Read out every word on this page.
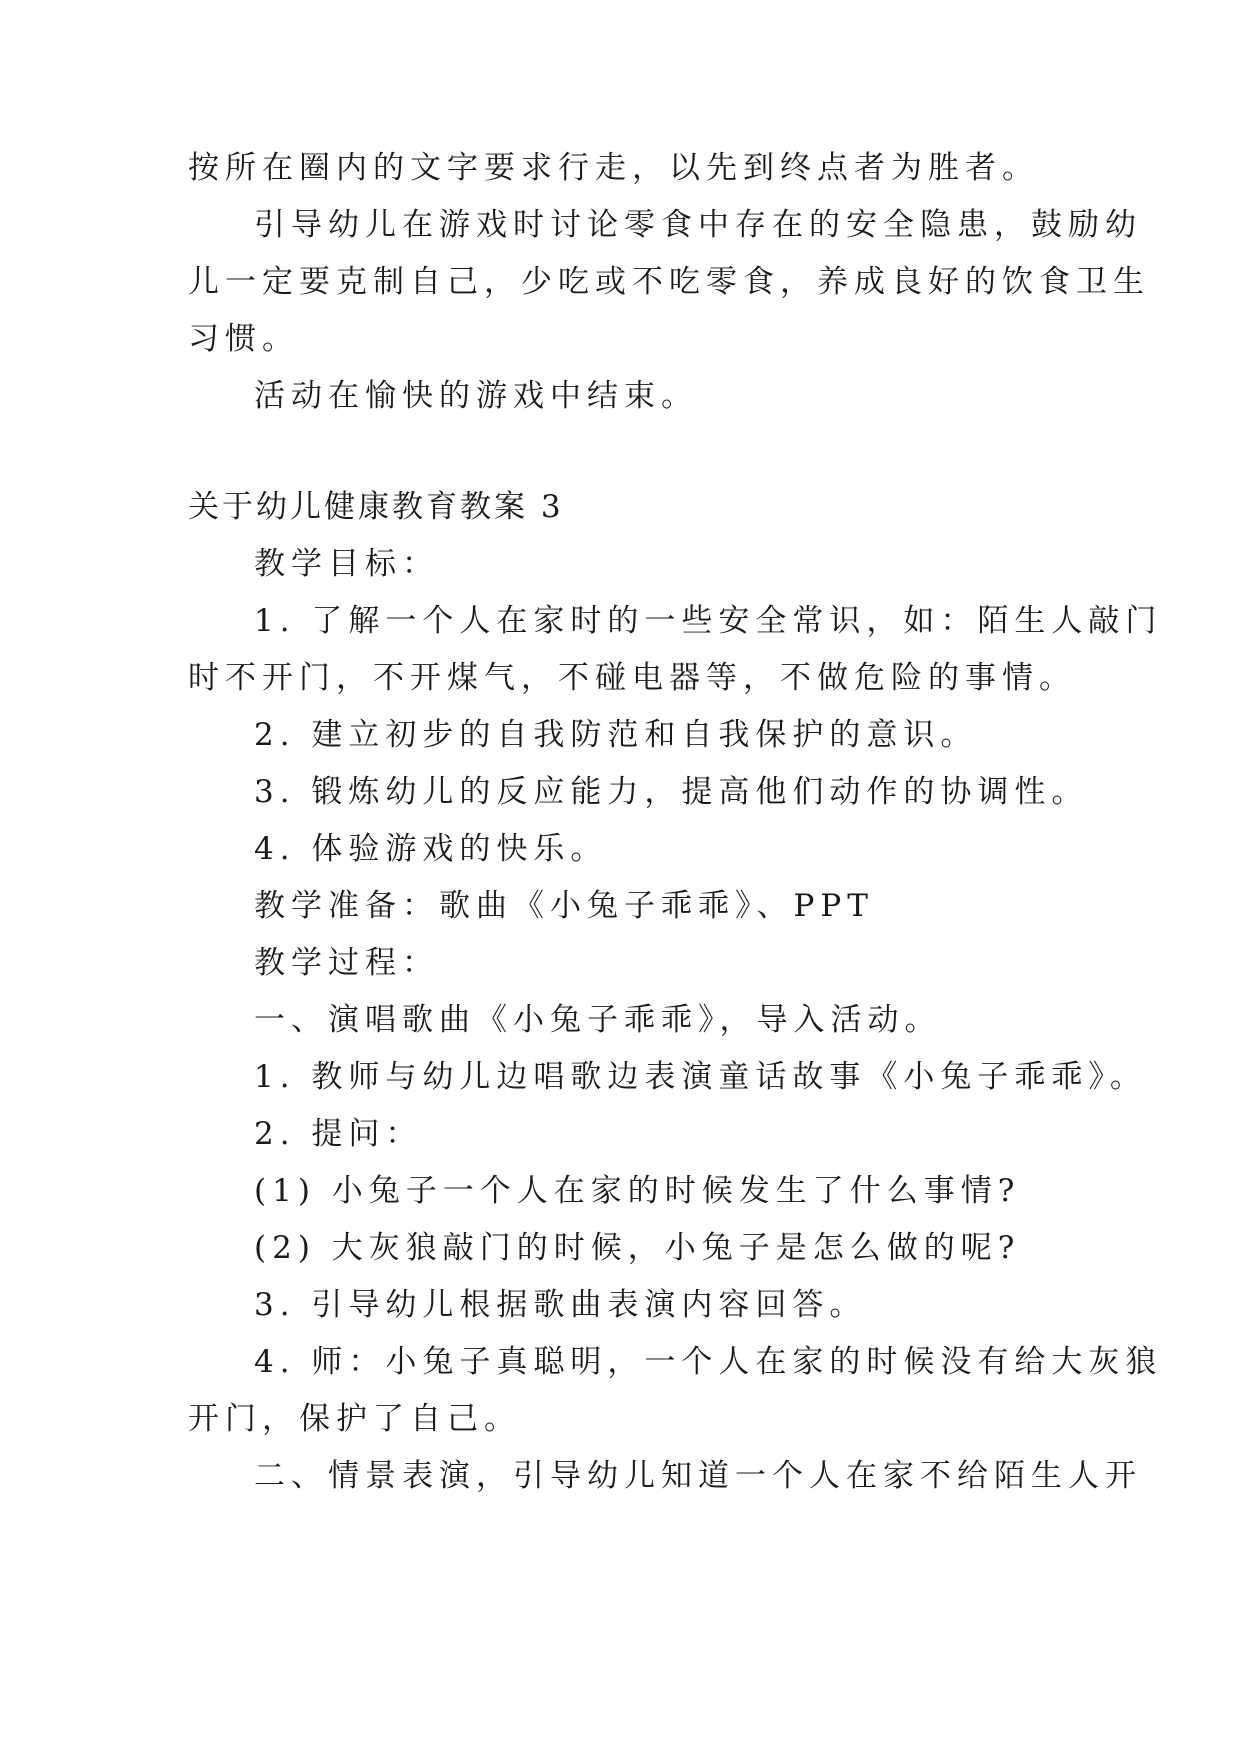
按所在圈内的文字要求行走，以先到终点者为胜者。
引导幼儿在游戏时讨论零食中存在的安全隐患，鼓励幼
儿一定要克制自己，少吃或不吃零食，养成良好的饮食卫生
习惯。
活动在愉快的游戏中结束。
关于幼儿健康教育教案 3
教学目标：
1. 了解一个人在家时的一些安全常识，如：陌生人敲门
时不开门，不开煤气，不碰电器等，不做危险的事情。
2. 建立初步的自我防范和自我保护的意识。
3. 锻炼幼儿的反应能力，提高他们动作的协调性。
4. 体验游戏的快乐。
教学准备：歌曲《小兔子乖乖》、PPT
教学过程：
一、演唱歌曲《小兔子乖乖》，导入活动。
1. 教师与幼儿边唱歌边表演童话故事《小兔子乖乖》。
2. 提问：
(1) 小兔子一个人在家的时候发生了什么事情?
(2) 大灰狼敲门的时候，小兔子是怎么做的呢?
3. 引导幼儿根据歌曲表演内容回答。
4. 师：小兔子真聪明，一个人在家的时候没有给大灰狼
开门，保护了自己。
二、情景表演，引导幼儿知道一个人在家不给陌生人开
